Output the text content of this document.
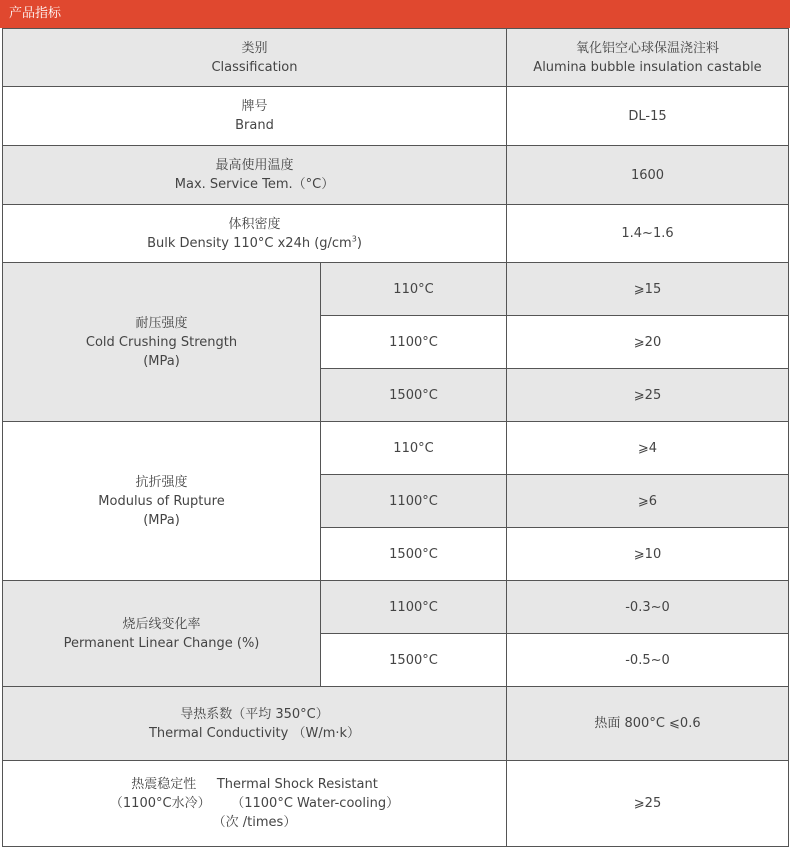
产品指标
类别
Classification		氧化铝空心球保温浇注料
Alumina bubble insulation castable

牌号
Brand		DL-15

最高使用温度
Max. Service Tem.（°C）		1600

体积密度
Bulk Density 110°C x24h $(g/cm^3)$		1.4~1.6

耐压强度
Cold Crushing Strength
(MPa)	110°C	⩾15
	1100°C	⩾20
	1500°C	⩾25

抗折强度
Modulus of Rupture
(MPa)	110°C	⩾4
	1100°C	⩾6
	1500°C	⩾10

烧后线变化率
Permanent Linear Change (%)	1100°C	-0.3~0
	1500°C	-0.5~0

导热系数（平均 350°C）
Thermal Conductivity （W/m·k）		热面 800°C ⩽0.6

热震稳定性     Thermal Shock Resistant
（1100°C水冷）     （1100°C Water-cooling）
（次 /times）		⩾25
